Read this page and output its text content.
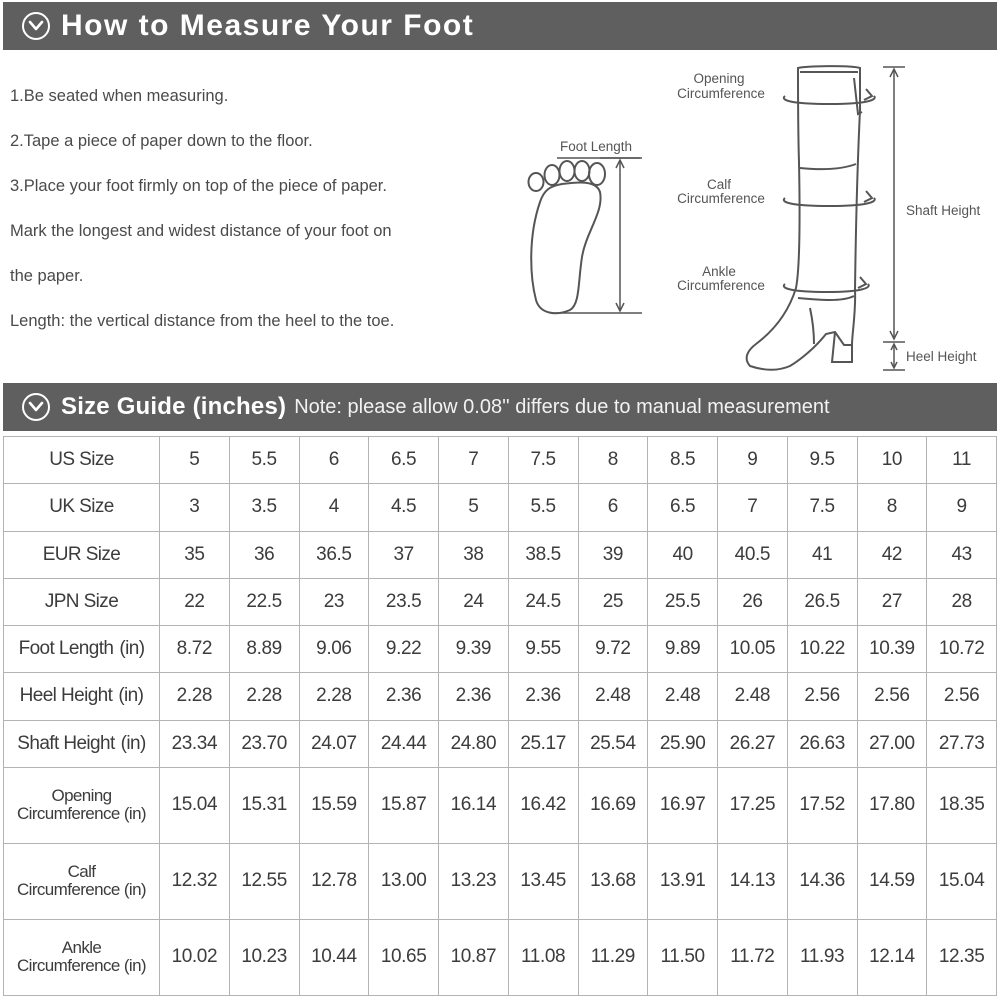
How to Measure Your Foot
1.Be seated when measuring.
2.Tape a piece of paper down to the floor.
3.Place your foot firmly on top of the piece of paper.
Mark the longest and widest distance of your foot on
the paper.
Length: the vertical distance from the heel to the toe.
Foot Length
Opening
Circumference
Calf
Circumference
Ankle
Circumference
Shaft Height
Heel Height
Size Guide (inches) Note: please allow 0.08'' differs due to manual measurement
US Size	5	5.5	6	6.5	7	7.5	8	8.5	9	9.5	10	11
UK Size	3	3.5	4	4.5	5	5.5	6	6.5	7	7.5	8	9
EUR Size	35	36	36.5	37	38	38.5	39	40	40.5	41	42	43
JPN Size	22	22.5	23	23.5	24	24.5	25	25.5	26	26.5	27	28
Foot Length (in)	8.72	8.89	9.06	9.22	9.39	9.55	9.72	9.89	10.05	10.22	10.39	10.72
Heel Height (in)	2.28	2.28	2.28	2.36	2.36	2.36	2.48	2.48	2.48	2.56	2.56	2.56
Shaft Height (in)	23.34	23.70	24.07	24.44	24.80	25.17	25.54	25.90	26.27	26.63	27.00	27.73

Opening
Circumference (in)	15.04	15.31	15.59	15.87	16.14	16.42	16.69	16.97	17.25	17.52	17.80	18.35

Calf
Circumference (in)	12.32	12.55	12.78	13.00	13.23	13.45	13.68	13.91	14.13	14.36	14.59	15.04

Ankle
Circumference (in)	10.02	10.23	10.44	10.65	10.87	11.08	11.29	11.50	11.72	11.93	12.14	12.35
